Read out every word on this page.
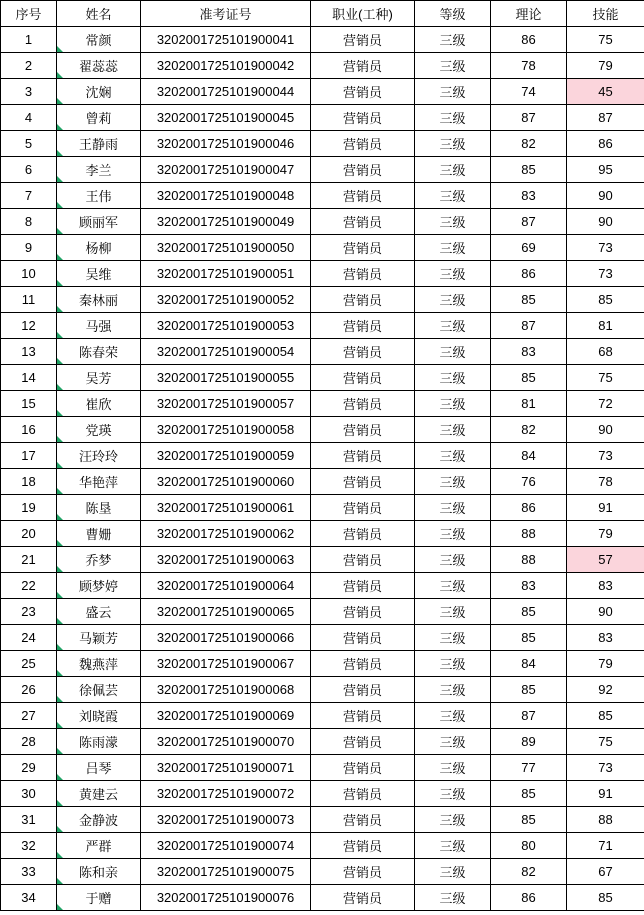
序号	姓名	准考证号	职业(工种)	等级	理论	技能
1	常颜	3202001725101900041	营销员	三级	86	75
2	翟蕊蕊	3202001725101900042	营销员	三级	78	79
3	沈娴	3202001725101900044	营销员	三级	74	45
4	曾莉	3202001725101900045	营销员	三级	87	87
5	王静雨	3202001725101900046	营销员	三级	82	86
6	李兰	3202001725101900047	营销员	三级	85	95
7	王伟	3202001725101900048	营销员	三级	83	90
8	顾丽军	3202001725101900049	营销员	三级	87	90
9	杨柳	3202001725101900050	营销员	三级	69	73
10	吴维	3202001725101900051	营销员	三级	86	73
11	秦林丽	3202001725101900052	营销员	三级	85	85
12	马强	3202001725101900053	营销员	三级	87	81
13	陈春荣	3202001725101900054	营销员	三级	83	68
14	吴芳	3202001725101900055	营销员	三级	85	75
15	崔欣	3202001725101900057	营销员	三级	81	72
16	党瑛	3202001725101900058	营销员	三级	82	90
17	汪玲玲	3202001725101900059	营销员	三级	84	73
18	华艳萍	3202001725101900060	营销员	三级	76	78
19	陈垦	3202001725101900061	营销员	三级	86	91
20	曹姗	3202001725101900062	营销员	三级	88	79
21	乔梦	3202001725101900063	营销员	三级	88	57
22	顾梦婷	3202001725101900064	营销员	三级	83	83
23	盛云	3202001725101900065	营销员	三级	85	90
24	马颖芳	3202001725101900066	营销员	三级	85	83
25	魏燕萍	3202001725101900067	营销员	三级	84	79
26	徐佩芸	3202001725101900068	营销员	三级	85	92
27	刘晓霞	3202001725101900069	营销员	三级	87	85
28	陈雨濛	3202001725101900070	营销员	三级	89	75
29	吕琴	3202001725101900071	营销员	三级	77	73
30	黄建云	3202001725101900072	营销员	三级	85	91
31	金静波	3202001725101900073	营销员	三级	85	88
32	严群	3202001725101900074	营销员	三级	80	71
33	陈和亲	3202001725101900075	营销员	三级	82	67
34	于赠	3202001725101900076	营销员	三级	86	85
